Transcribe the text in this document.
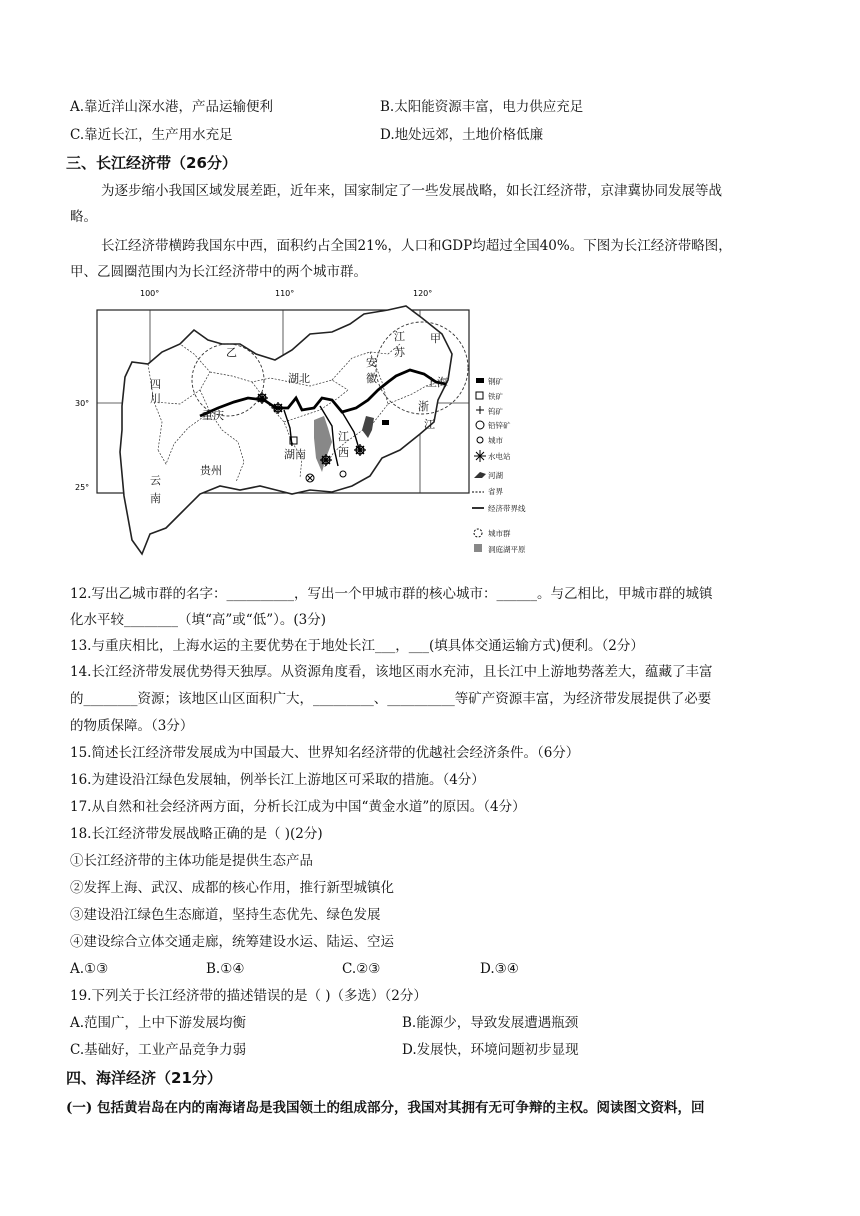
A.靠近洋山深水港，产品运输便利	B.太阳能资源丰富，电力供应充足
C.靠近长江，生产用水充足	D.地处远郊，土地价格低廉
三、长江经济带（26分）
为逐步缩小我国区域发展差距，近年来，国家制定了一些发展战略，如长江经济带，京津冀协同发展等战
略。
长江经济带横跨我国东中西，面积约占全国21%，人口和GDP均超过全国40%。下图为长江经济带略图，
甲、乙圆圈范围内为长江经济带中的两个城市群。
100°	110°	120°
30°
25°
甲
乙
四
川
重庆
湖北
湖南
江
西
安
徽
江
苏
上海
浙
江
贵州
云
南
钢矿
铁矿
钨矿
铅锌矿
城市
水电站
河湖
省界
经济带界线
城市群
洞庭湖平原
12.写出乙城市群的名字：__________，写出一个甲城市群的核心城市：______。与乙相比，甲城市群的城镇
化水平较________（填“高”或“低”）。(3分)
13.与重庆相比，上海水运的主要优势在于地处长江___，___(填具体交通运输方式)便利。（2分）
14.长江经济带发展优势得天独厚。从资源角度看，该地区雨水充沛，且长江中上游地势落差大，蕴藏了丰富
的________资源；该地区山区面积广大，_________、__________等矿产资源丰富，为经济带发展提供了必要
的物质保障。（3分）
15.简述长江经济带发展成为中国最大、世界知名经济带的优越社会经济条件。（6分）
16.为建设沿江绿色发展轴，例举长江上游地区可采取的措施。（4分）
17.从自然和社会经济两方面，分析长江成为中国“黄金水道”的原因。（4分）
18.长江经济带发展战略正确的是（ )(2分)
①长江经济带的主体功能是提供生态产品
②发挥上海、武汉、成都的核心作用，推行新型城镇化
③建设沿江绿色生态廊道，坚持生态优先、绿色发展
④建设综合立体交通走廊，统筹建设水运、陆运、空运
A.①③	B.①④	C.②③	D.③④
19.下列关于长江经济带的描述错误的是（ )（多选）（2分）
A.范围广，上中下游发展均衡	B.能源少，导致发展遭遇瓶颈
C.基础好，工业产品竞争力弱	D.发展快，环境问题初步显现
四、海洋经济（21分）
(一) 包括黄岩岛在内的南海诸岛是我国领土的组成部分，我国对其拥有无可争辩的主权。阅读图文资料，回
